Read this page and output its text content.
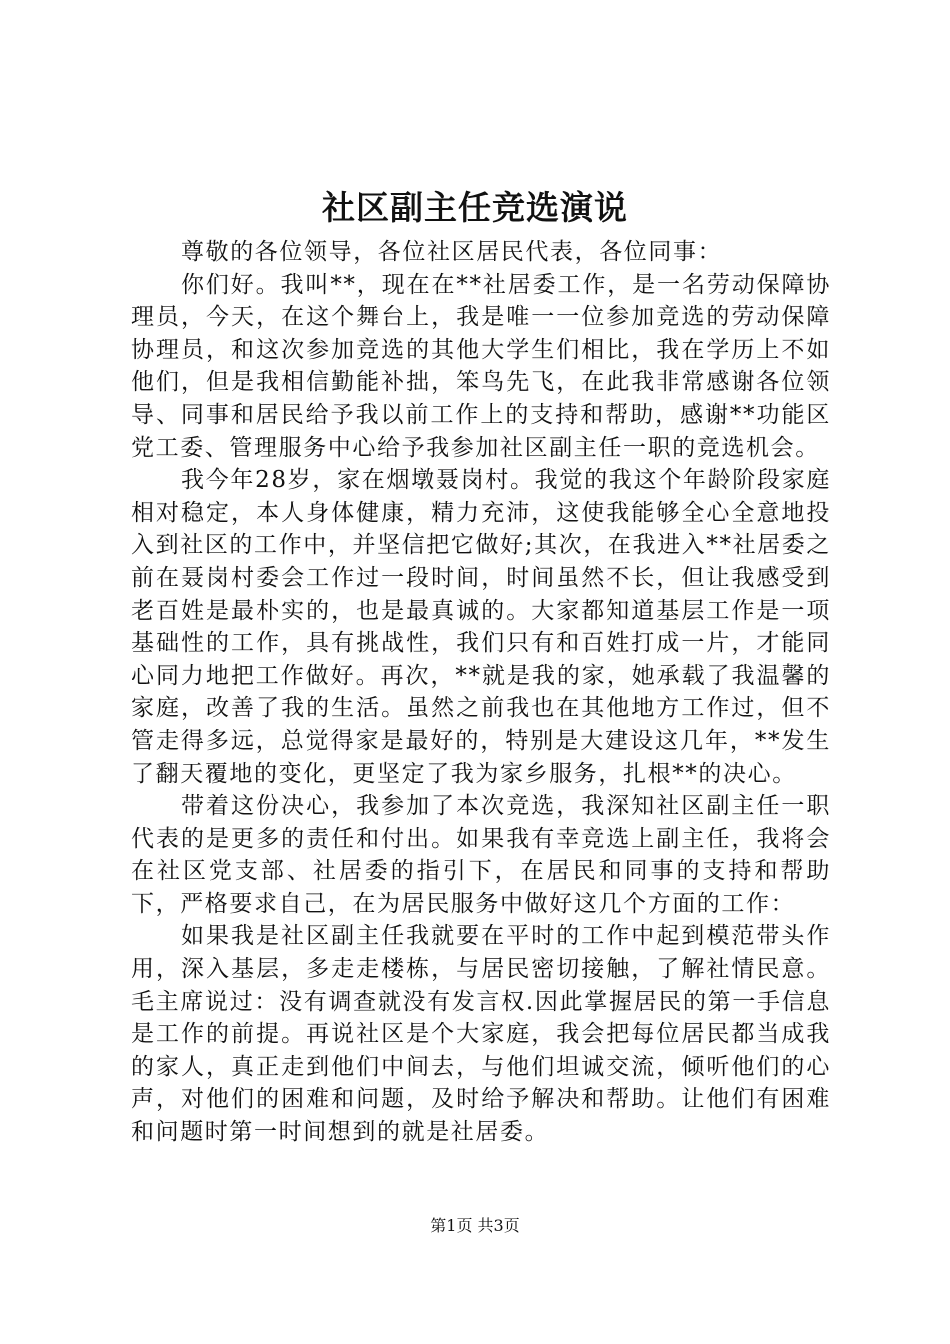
社区副主任竞选演说

尊敬的各位领导，各位社区居民代表，各位同事：

你们好。我叫**，现在在**社居委工作，是一名劳动保障协理员，今天，在这个舞台上，我是唯一一位参加竞选的劳动保障协理员，和这次参加竞选的其他大学生们相比，我在学历上不如他们，但是我相信勤能补拙，笨鸟先飞，在此我非常感谢各位领导、同事和居民给予我以前工作上的支持和帮助，感谢**功能区党工委、管理服务中心给予我参加社区副主任一职的竞选机会。

我今年28岁，家在烟墩聂岗村。我觉的我这个年龄阶段家庭相对稳定，本人身体健康，精力充沛，这使我能够全心全意地投入到社区的工作中，并坚信把它做好;其次，在我进入**社居委之前在聂岗村委会工作过一段时间，时间虽然不长，但让我感受到老百姓是最朴实的，也是最真诚的。大家都知道基层工作是一项基础性的工作，具有挑战性，我们只有和百姓打成一片，才能同心同力地把工作做好。再次，**就是我的家，她承载了我温馨的家庭，改善了我的生活。虽然之前我也在其他地方工作过，但不管走得多远，总觉得家是最好的，特别是大建设这几年，**发生了翻天覆地的变化，更坚定了我为家乡服务，扎根**的决心。

带着这份决心，我参加了本次竞选，我深知社区副主任一职代表的是更多的责任和付出。如果我有幸竞选上副主任，我将会在社区党支部、社居委的指引下，在居民和同事的支持和帮助下，严格要求自己，在为居民服务中做好这几个方面的工作：

如果我是社区副主任我就要在平时的工作中起到模范带头作用，深入基层，多走走楼栋，与居民密切接触，了解社情民意。毛主席说过：没有调查就没有发言权.因此掌握居民的第一手信息是工作的前提。再说社区是个大家庭，我会把每位居民都当成我的家人，真正走到他们中间去，与他们坦诚交流，倾听他们的心声，对他们的困难和问题，及时给予解决和帮助。让他们有困难和问题时第一时间想到的就是社居委。

第1页 共3页
